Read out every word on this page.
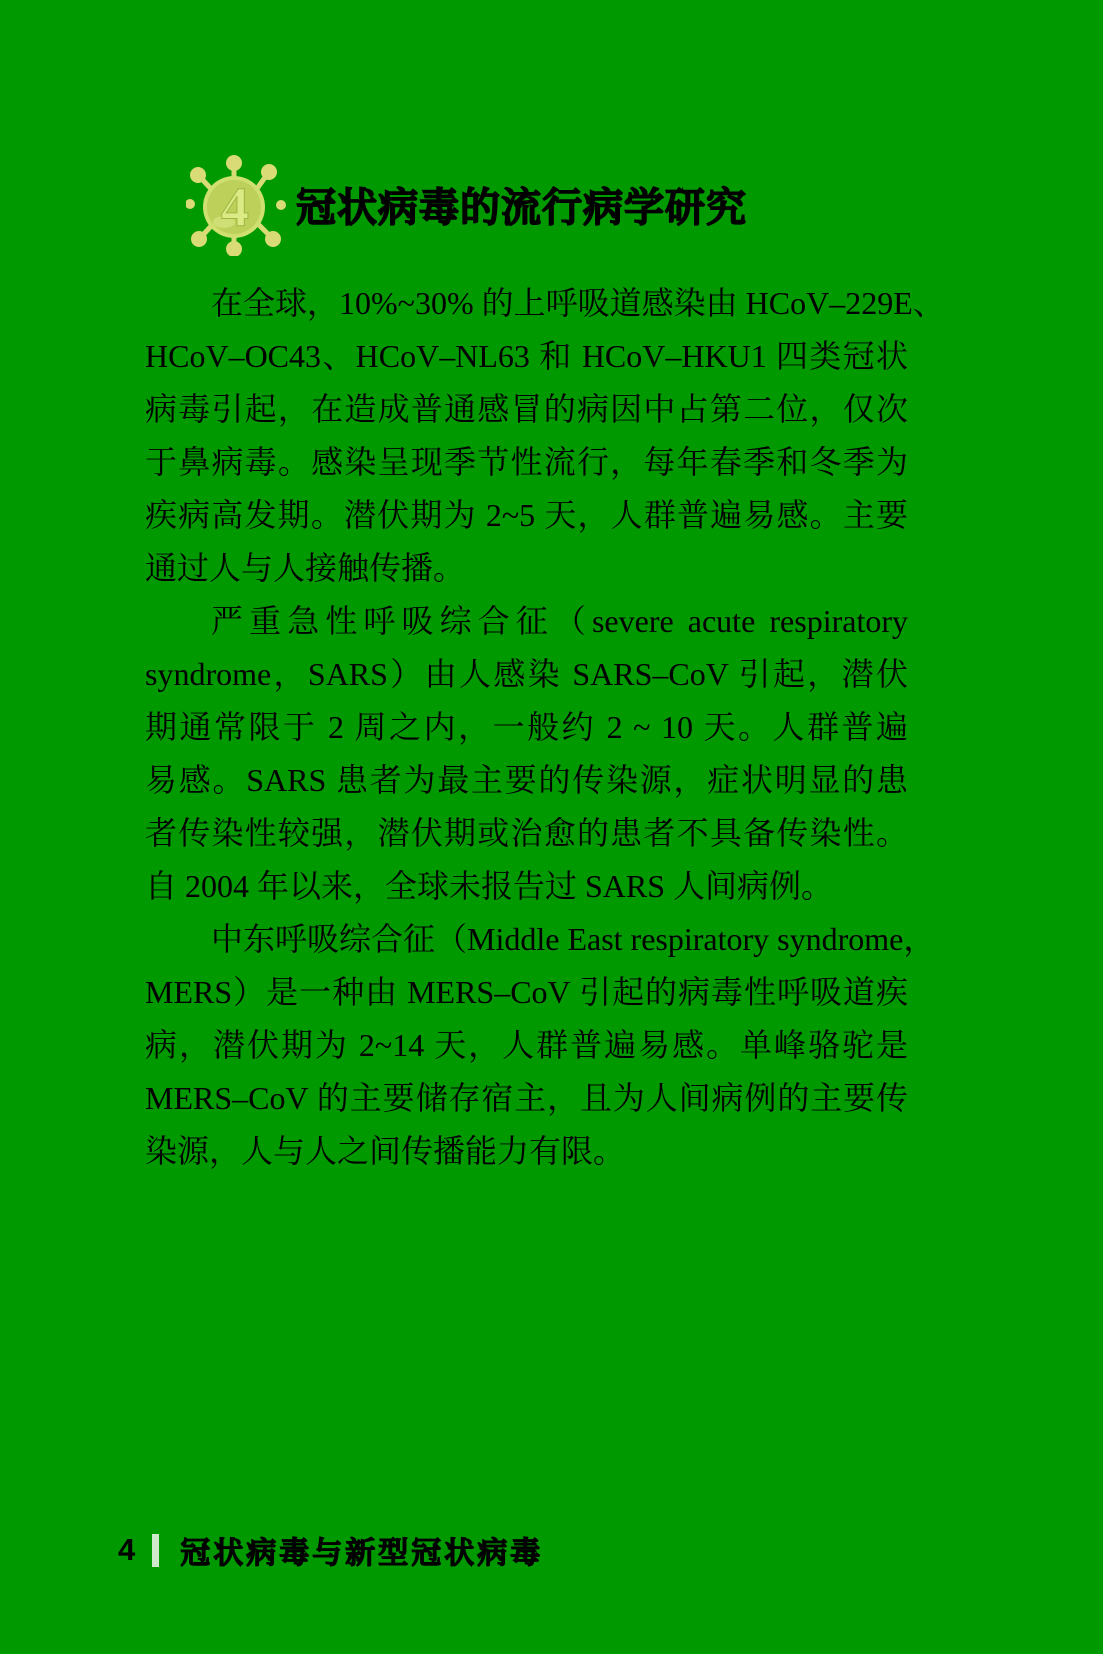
4 冠状病毒的流行病学研究
在全球，10%~30% 的上呼吸道感染由 HCoV–229E、
HCoV–OC43、HCoV–NL63 和 HCoV–HKU1 四类冠状
病毒引起，在造成普通感冒的病因中占第二位，仅次
于鼻病毒。感染呈现季节性流行，每年春季和冬季为
疾病高发期。潜伏期为 2~5 天，人群普遍易感。主要
通过人与人接触传播。
严重急性呼吸综合征（severe acute respiratory
syndrome，SARS）由人感染 SARS–CoV 引起，潜伏
期通常限于 2 周之内，一般约 2 ~ 10 天。人群普遍
易感。SARS 患者为最主要的传染源，症状明显的患
者传染性较强，潜伏期或治愈的患者不具备传染性。
自 2004 年以来，全球未报告过 SARS 人间病例。
中东呼吸综合征（Middle East respiratory syndrome，
MERS）是一种由 MERS–CoV 引起的病毒性呼吸道疾
病，潜伏期为 2~14 天，人群普遍易感。单峰骆驼是
MERS–CoV 的主要储存宿主，且为人间病例的主要传
染源，人与人之间传播能力有限。
4 冠状病毒与新型冠状病毒
